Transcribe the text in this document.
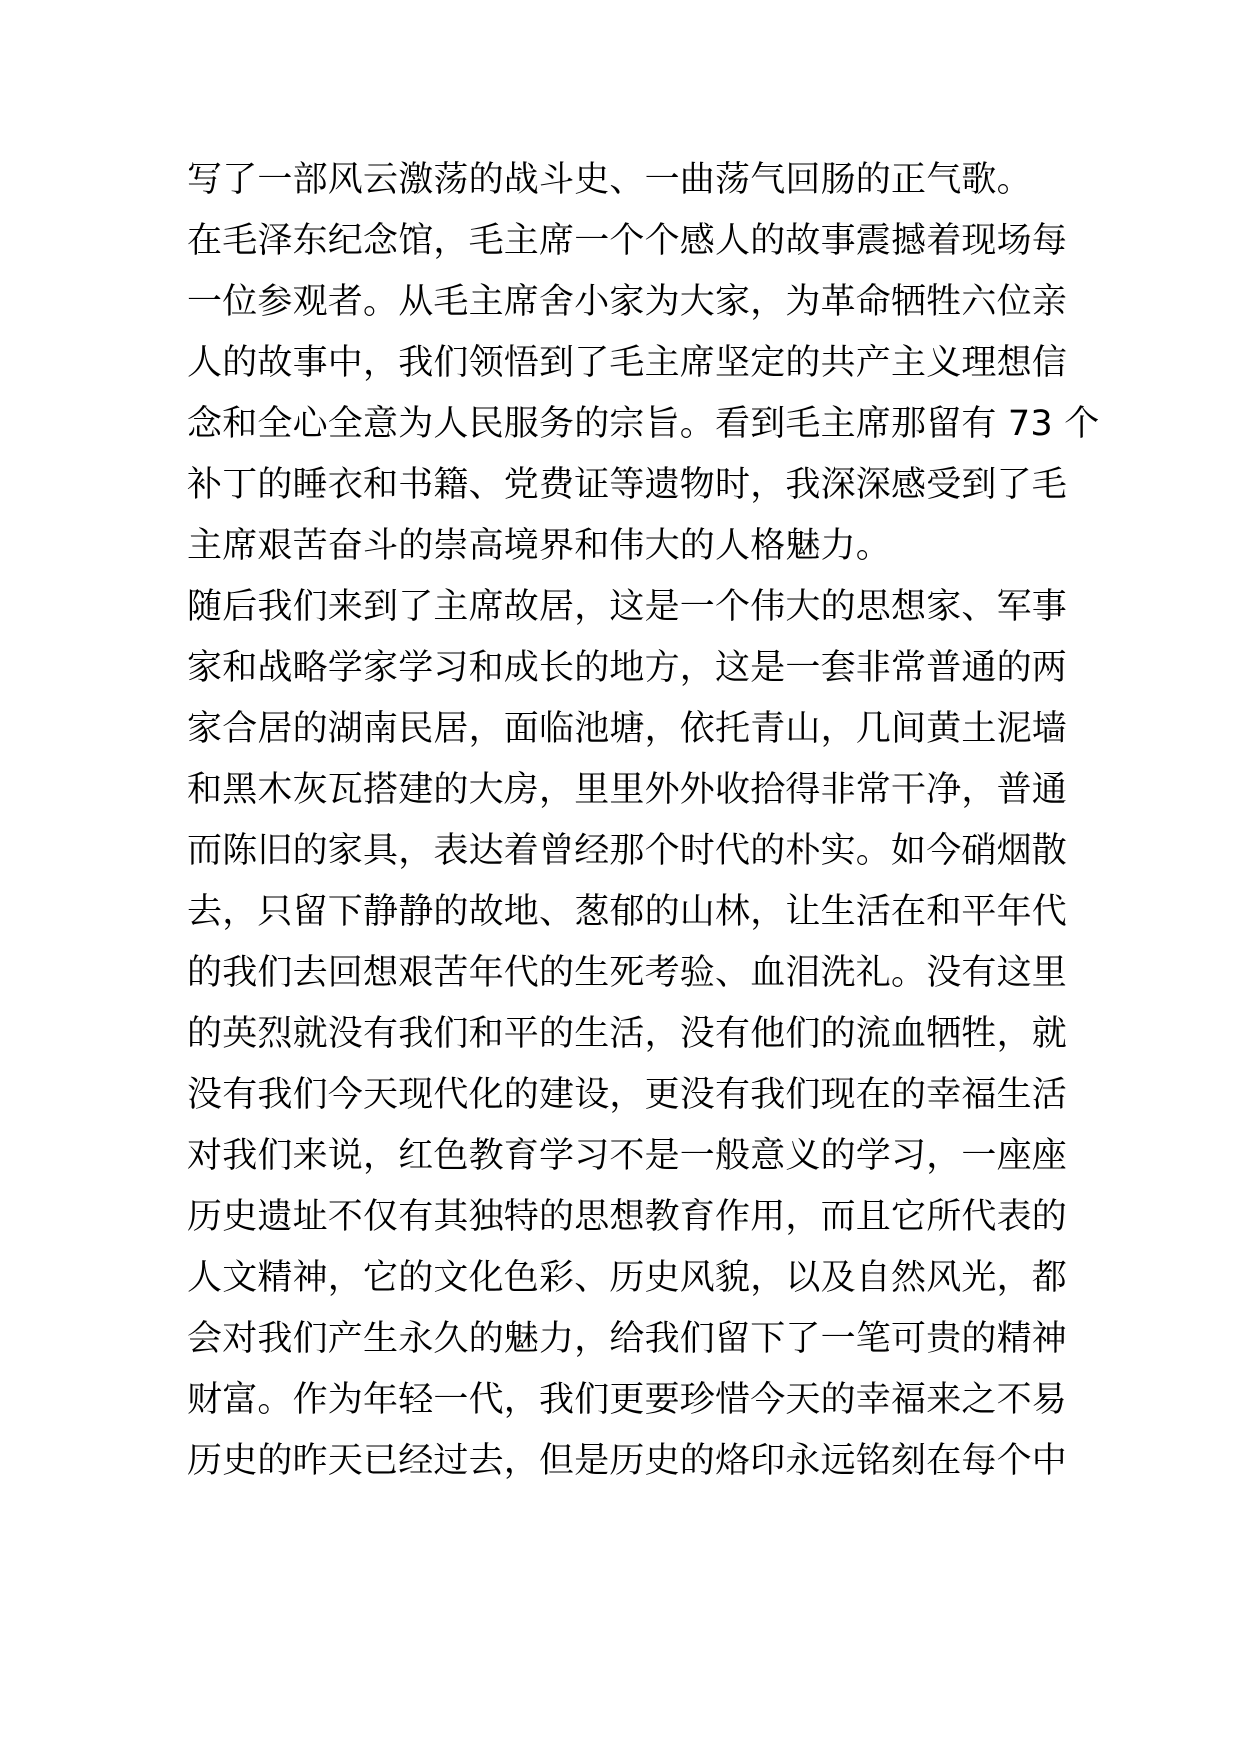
写了一部风云激荡的战斗史、一曲荡气回肠的正气歌。
在毛泽东纪念馆，毛主席一个个感人的故事震撼着现场每
一位参观者。从毛主席舍小家为大家，为革命牺牲六位亲
人的故事中，我们领悟到了毛主席坚定的共产主义理想信
念和全心全意为人民服务的宗旨。看到毛主席那留有 73 个
补丁的睡衣和书籍、党费证等遗物时，我深深感受到了毛
主席艰苦奋斗的崇高境界和伟大的人格魅力。
随后我们来到了主席故居，这是一个伟大的思想家、军事
家和战略学家学习和成长的地方，这是一套非常普通的两
家合居的湖南民居，面临池塘，依托青山，几间黄土泥墙
和黑木灰瓦搭建的大房，里里外外收拾得非常干净，普通
而陈旧的家具，表达着曾经那个时代的朴实。如今硝烟散
去，只留下静静的故地、葱郁的山林，让生活在和平年代
的我们去回想艰苦年代的生死考验、血泪洗礼。没有这里
的英烈就没有我们和平的生活，没有他们的流血牺牲，就
没有我们今天现代化的建设，更没有我们现在的幸福生活
对我们来说，红色教育学习不是一般意义的学习，一座座
历史遗址不仅有其独特的思想教育作用，而且它所代表的
人文精神，它的文化色彩、历史风貌，以及自然风光，都
会对我们产生永久的魅力，给我们留下了一笔可贵的精神
财富。作为年轻一代，我们更要珍惜今天的幸福来之不易
历史的昨天已经过去，但是历史的烙印永远铭刻在每个中
